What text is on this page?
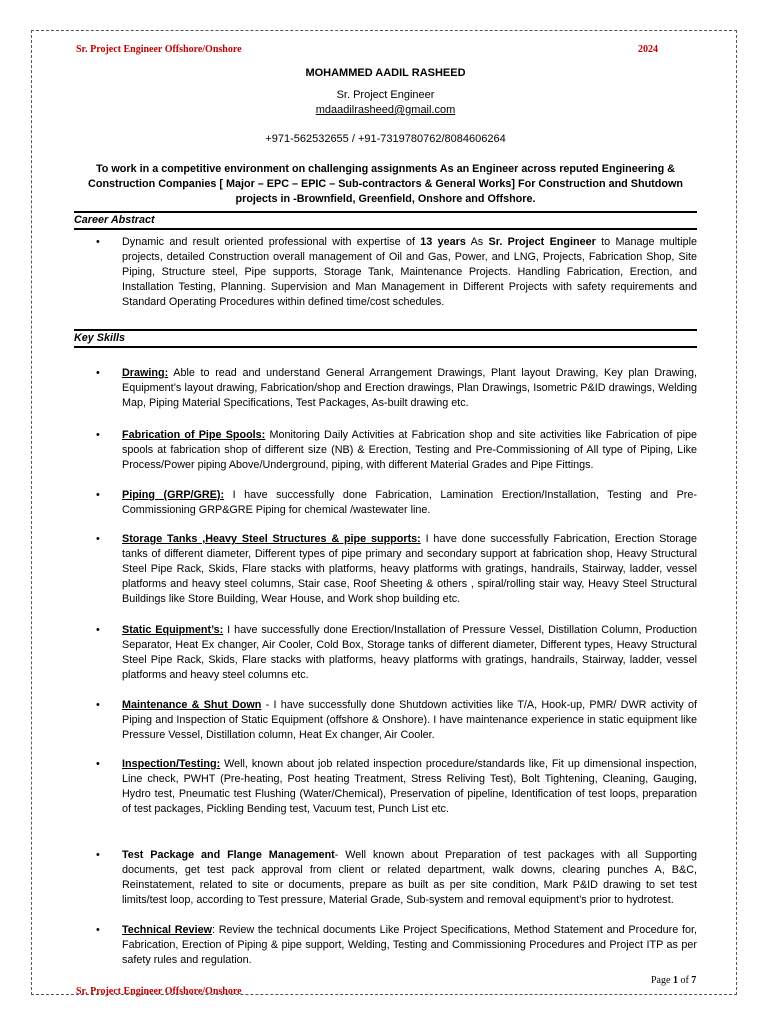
Sr. Project Engineer Offshore/Onshore	2024
MOHAMMED AADIL RASHEED
Sr. Project Engineer
mdaadilrasheed@gmail.com
+971-562532655 / +91-7319780762/8084606264
To work in a competitive environment on challenging assignments As an Engineer across reputed Engineering & Construction Companies [ Major – EPC – EPIC – Sub-contractors & General Works] For Construction and Shutdown projects in -Brownfield, Greenfield, Onshore and Offshore.
Career Abstract
• Dynamic and result oriented professional with expertise of 13 years As Sr. Project Engineer to Manage multiple projects, detailed Construction overall management of Oil and Gas, Power, and LNG, Projects, Fabrication Shop, Site Piping, Structure steel, Pipe supports, Storage Tank, Maintenance Projects. Handling Fabrication, Erection, and Installation Testing, Planning. Supervision and Man Management in Different Projects with safety requirements and Standard Operating Procedures within defined time/cost schedules.
Key Skills
• Drawing: Able to read and understand General Arrangement Drawings, Plant layout Drawing, Key plan Drawing, Equipment’s layout drawing, Fabrication/shop and Erection drawings, Plan Drawings, Isometric P&ID drawings, Welding Map, Piping Material Specifications, Test Packages, As-built drawing etc.
• Fabrication of Pipe Spools: Monitoring Daily Activities at Fabrication shop and site activities like Fabrication of pipe spools at fabrication shop of different size (NB) & Erection, Testing and Pre-Commissioning of All type of Piping, Like Process/Power piping Above/Underground, piping, with different Material Grades and Pipe Fittings.
• Piping (GRP/GRE): I have successfully done Fabrication, Lamination Erection/Installation, Testing and Pre-Commissioning GRP&GRE Piping for chemical /wastewater line.
• Storage Tanks ,Heavy Steel Structures & pipe supports: I have done successfully Fabrication, Erection Storage tanks of different diameter, Different types of pipe primary and secondary support at fabrication shop, Heavy Structural Steel Pipe Rack, Skids, Flare stacks with platforms, heavy platforms with gratings, handrails, Stairway, ladder, vessel platforms and heavy steel columns, Stair case, Roof Sheeting & others , spiral/rolling stair way, Heavy Steel Structural Buildings like Store Building, Wear House, and Work shop building etc.
• Static Equipment’s: I have successfully done Erection/Installation of Pressure Vessel, Distillation Column, Production Separator, Heat Ex changer, Air Cooler, Cold Box, Storage tanks of different diameter, Different types, Heavy Structural Steel Pipe Rack, Skids, Flare stacks with platforms, heavy platforms with gratings, handrails, Stairway, ladder, vessel platforms and heavy steel columns etc.
• Maintenance & Shut Down - I have successfully done Shutdown activities like T/A, Hook-up, PMR/ DWR activity of Piping and Inspection of Static Equipment (offshore & Onshore). I have maintenance experience in static equipment like Pressure Vessel, Distillation column, Heat Ex changer, Air Cooler.
• Inspection/Testing: Well, known about job related inspection procedure/standards like, Fit up dimensional inspection, Line check, PWHT (Pre-heating, Post heating Treatment, Stress Reliving Test), Bolt Tightening, Cleaning, Gauging, Hydro test, Pneumatic test Flushing (Water/Chemical), Preservation of pipeline, Identification of test loops, preparation of test packages, Pickling Bending test, Vacuum test, Punch List etc.
• Test Package and Flange Management- Well known about Preparation of test packages with all Supporting documents, get test pack approval from client or related department, walk downs, clearing punches A, B&C, Reinstatement, related to site or documents, prepare as built as per site condition, Mark P&ID drawing to set test limits/test loop, according to Test pressure, Material Grade, Sub-system and removal equipment’s prior to hydrotest.
• Technical Review: Review the technical documents Like Project Specifications, Method Statement and Procedure for, Fabrication, Erection of Piping & pipe support, Welding, Testing and Commissioning Procedures and Project ITP as per safety rules and regulation.
Page 1 of 7
Sr. Project Engineer Offshore/Onshore
